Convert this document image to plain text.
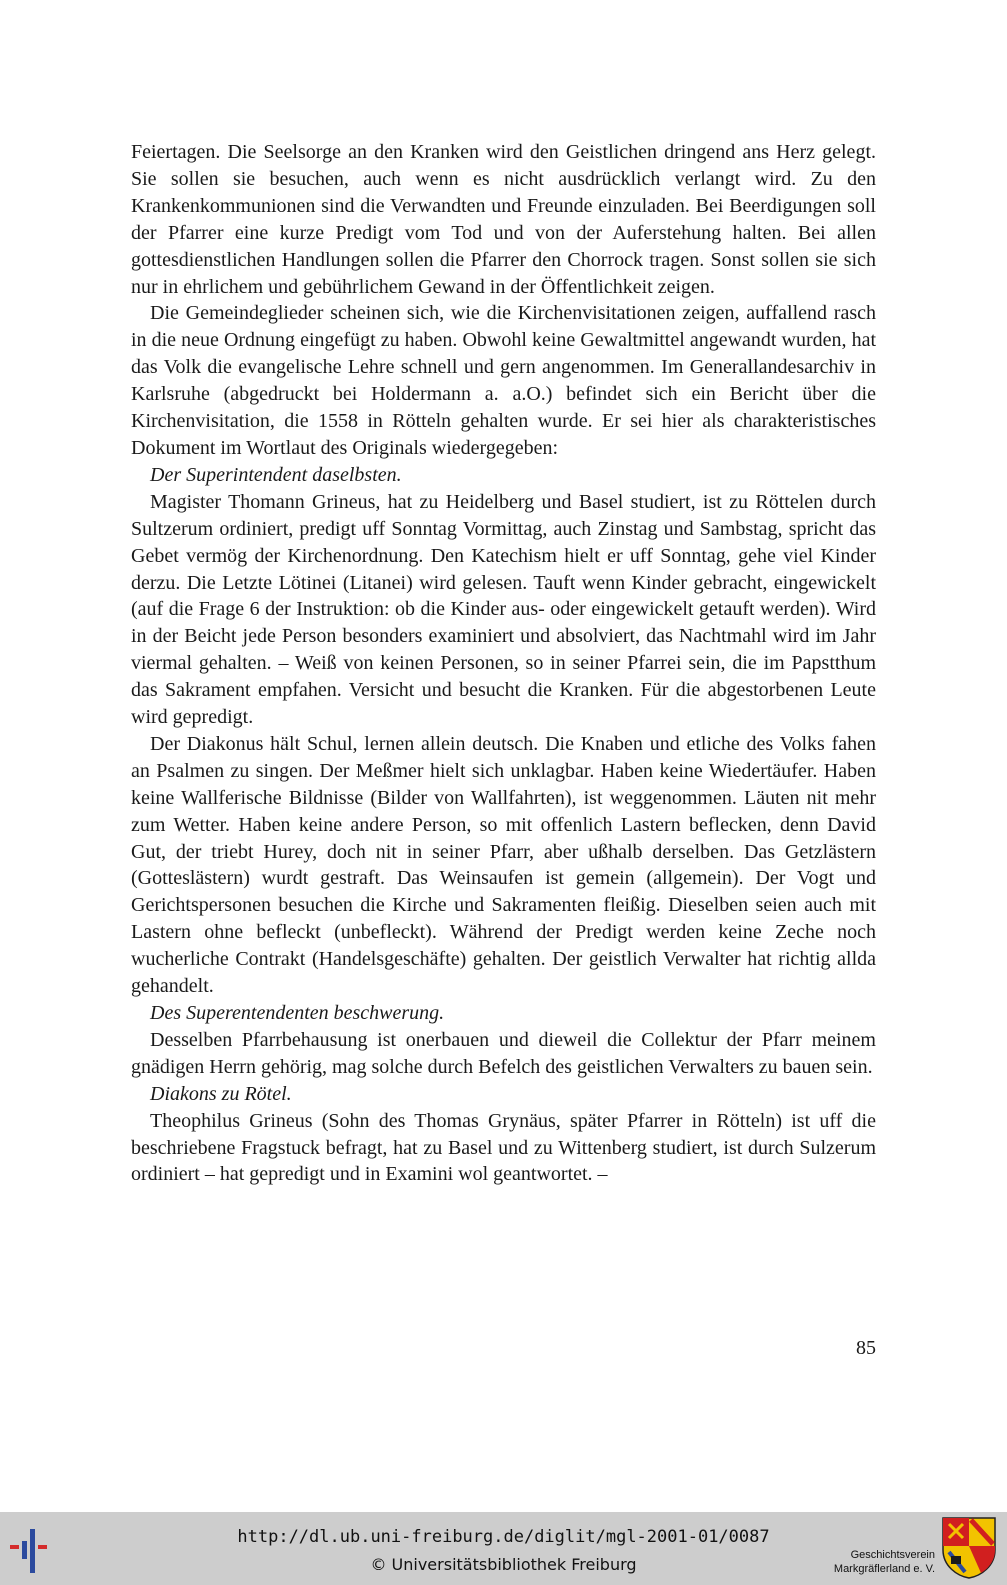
Feiertagen. Die Seelsorge an den Kranken wird den Geistlichen dringend ans Herz gelegt. Sie sollen sie besuchen, auch wenn es nicht ausdrücklich verlangt wird. Zu den Krankenkommunionen sind die Verwandten und Freunde einzuladen. Bei Beerdigungen soll der Pfarrer eine kurze Predigt vom Tod und von der Auferstehung halten. Bei allen gottesdienstlichen Handlungen sollen die Pfarrer den Chorrock tragen. Sonst sollen sie sich nur in ehrlichem und gebührlichem Gewand in der Öffentlichkeit zeigen.

Die Gemeindeglieder scheinen sich, wie die Kirchenvisitationen zeigen, auffallend rasch in die neue Ordnung eingefügt zu haben. Obwohl keine Gewaltmittel angewandt wurden, hat das Volk die evangelische Lehre schnell und gern angenommen. Im Generallandesarchiv in Karlsruhe (abgedruckt bei Holdermann a. a.O.) befindet sich ein Bericht über die Kirchenvisitation, die 1558 in Rötteln gehalten wurde. Er sei hier als charakteristisches Dokument im Wortlaut des Originals wiedergegeben:

Der Superintendent daselbsten.

Magister Thomann Grineus, hat zu Heidelberg und Basel studiert, ist zu Röttelen durch Sultzerum ordiniert, predigt uff Sonntag Vormittag, auch Zinstag und Sambstag, spricht das Gebet vermög der Kirchenordnung. Den Katechism hielt er uff Sonntag, gehe viel Kinder derzu. Die Letzte Lötinei (Litanei) wird gelesen. Tauft wenn Kinder gebracht, eingewickelt (auf die Frage 6 der Instruktion: ob die Kinder aus- oder eingewickelt getauft werden). Wird in der Beicht jede Person besonders examiniert und absolviert, das Nachtmahl wird im Jahr viermal gehalten. – Weiß von keinen Personen, so in seiner Pfarrei sein, die im Papstthum das Sakrament empfahen. Versicht und besucht die Kranken. Für die abgestorbenen Leute wird gepredigt.

Der Diakonus hält Schul, lernen allein deutsch. Die Knaben und etliche des Volks fahen an Psalmen zu singen. Der Meßmer hielt sich unklagbar. Haben keine Wiedertäufer. Haben keine Wallferische Bildnisse (Bilder von Wallfahrten), ist weggenommen. Läuten nit mehr zum Wetter. Haben keine andere Person, so mit offenlich Lastern beflecken, denn David Gut, der triebt Hurey, doch nit in seiner Pfarr, aber ußhalb derselben. Das Getzlästern (Gotteslästern) wurdt gestraft. Das Weinsaufen ist gemein (allgemein). Der Vogt und Gerichtspersonen besuchen die Kirche und Sakramenten fleißig. Dieselben seien auch mit Lastern ohne befleckt (unbefleckt). Während der Predigt werden keine Zeche noch wucherliche Contrakt (Handelsgeschäfte) gehalten. Der geistlich Verwalter hat richtig allda gehandelt.

Des Superentendenten beschwerung.

Desselben Pfarrbehausung ist onerbauen und dieweil die Collektur der Pfarr meinem gnädigen Herrn gehörig, mag solche durch Befelch des geistlichen Verwalters zu bauen sein.

Diakons zu Rötel.

Theophilus Grineus (Sohn des Thomas Grynäus, später Pfarrer in Rötteln) ist uff die beschriebene Fragstuck befragt, hat zu Basel und zu Wittenberg studiert, ist durch Sulzerum ordiniert – hat gepredigt und in Examini wol geantwortet. –

85
http://dl.ub.uni-freiburg.de/diglit/mgl-2001-01/0087
© Universitätsbibliothek Freiburg	Geschichtsverein
Markgräflerland e. V.
